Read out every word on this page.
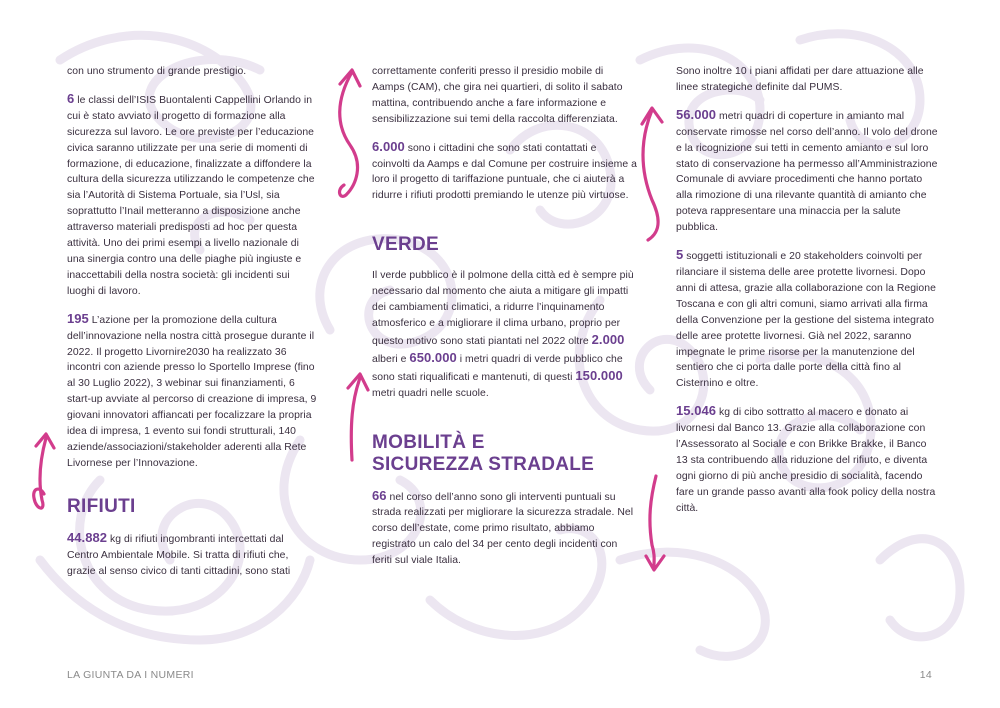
con uno strumento di grande prestigio.

6 le classi dell’ISIS Buontalenti Cappellini Orlando in cui è stato avviato il progetto di formazione alla sicurezza sul lavoro. Le ore previste per l’educazione civica saranno utilizzate per una serie di momenti di formazione, di educazione, finalizzate a diffondere la cultura della sicurezza utilizzando le competenze che sia l’Autorità di Sistema Portuale, sia l’Usl, sia soprattutto l’Inail metteranno a disposizione anche attraverso materiali predisposti ad hoc per questa attività. Uno dei primi esempi a livello nazionale di una sinergia contro una delle piaghe più ingiuste e inaccettabili della nostra società: gli incidenti sui luoghi di lavoro.

195 L’azione per la promozione della cultura dell’innovazione nella nostra città prosegue durante il 2022. Il progetto Livornire2030 ha realizzato 36 incontri con aziende presso lo Sportello Imprese (fino al 30 Luglio 2022), 3 webinar sui finanziamenti, 6 start-up avviate al percorso di creazione di impresa, 9 giovani innovatori affiancati per focalizzare la propria idea di impresa, 1 evento sui fondi strutturali, 140 aziende/associazioni/stakeholder aderenti alla Rete Livornese per l’Innovazione.

RIFIUTI

44.882 kg di rifiuti ingombranti intercettati dal Centro Ambientale Mobile. Si tratta di rifiuti che, grazie al senso civico di tanti cittadini, sono stati

correttamente conferiti presso il presidio mobile di Aamps (CAM), che gira nei quartieri, di solito il sabato mattina, contribuendo anche a fare informazione e sensibilizzazione sui temi della raccolta differenziata.

6.000 sono i cittadini che sono stati contattati e coinvolti da Aamps e dal Comune per costruire insieme a loro il progetto di tariffazione puntuale, che ci aiuterà a ridurre i rifiuti prodotti premiando le utenze più virtuose.

VERDE

Il verde pubblico è il polmone della città ed è sempre più necessario dal momento che aiuta a mitigare gli impatti dei cambiamenti climatici, a ridurre l’inquinamento atmosferico e a migliorare il clima urbano, proprio per questo motivo sono stati piantati nel 2022 oltre 2.000 alberi e 650.000 i metri quadri di verde pubblico che sono stati riqualificati e mantenuti, di questi 150.000 metri quadri nelle scuole.

MOBILITÀ E
SICUREZZA STRADALE

66 nel corso dell’anno sono gli interventi puntuali su strada realizzati per migliorare la sicurezza stradale. Nel corso dell’estate, come primo risultato, abbiamo registrato un calo del 34 per cento degli incidenti con feriti sul viale Italia.

Sono inoltre 10 i piani affidati per dare attuazione alle linee strategiche definite dal PUMS.

56.000 metri quadri di coperture in amianto mal conservate rimosse nel corso dell’anno. Il volo del drone e la ricognizione sui tetti in cemento amianto e sul loro stato di conservazione ha permesso all’Amministrazione Comunale di avviare procedimenti che hanno portato alla rimozione di una rilevante quantità di amianto che poteva rappresentare una minaccia per la salute pubblica.

5 soggetti istituzionali e 20 stakeholders coinvolti per rilanciare il sistema delle aree protette livornesi. Dopo anni di attesa, grazie alla collaborazione con la Regione Toscana e con gli altri comuni, siamo arrivati alla firma della Convenzione per la gestione del sistema integrato delle aree protette livornesi. Già nel 2022, saranno impegnate le prime risorse per la manutenzione del sentiero che ci porta dalle porte della città fino al Cisternino e oltre.

15.046 kg di cibo sottratto al macero e donato ai livornesi dal Banco 13. Grazie alla collaborazione con l’Assessorato al Sociale e con Brikke Brakke, il Banco 13 sta contribuendo alla riduzione del rifiuto, e diventa ogni giorno di più anche presidio di socialità, facendo fare un grande passo avanti alla fook policy della nostra città.

LA GIUNTA DA I NUMERI	14
